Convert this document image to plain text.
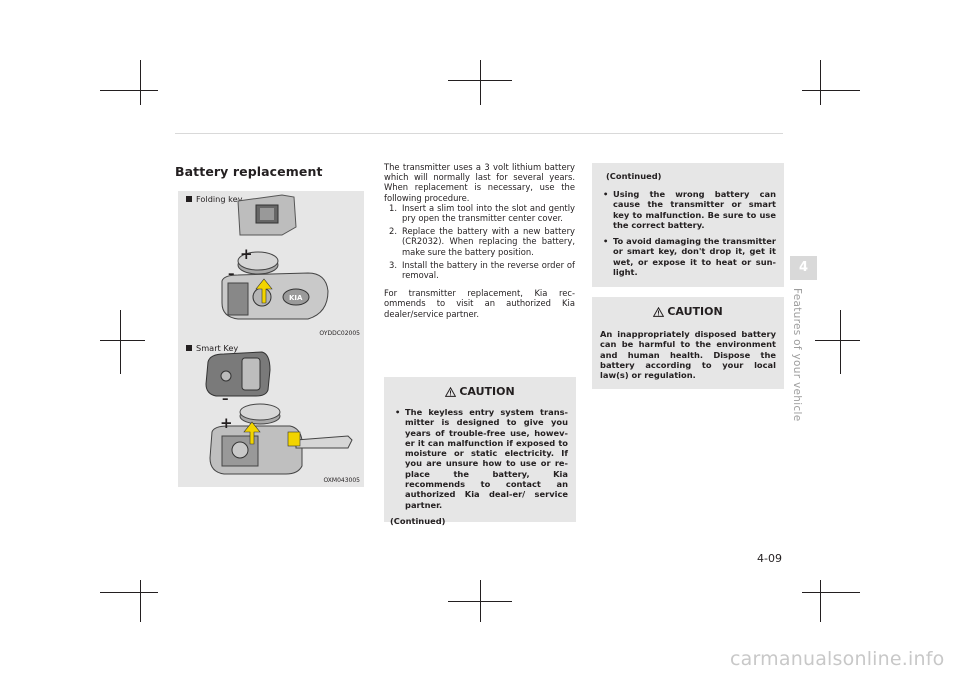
Battery replacement
Folding key
KIA
+
–
OYDDC02005
Smart Key
–
+
OXM043005

The transmitter uses a 3 volt lithium battery which will normally last for several years. When replacement is necessary, use the following procedure.

1. Insert a slim tool into the slot and gently pry open the transmitter center cover.
2. Replace the battery with a new battery (CR2032). When replacing the battery, make sure the battery position.
3. Install the battery in the reverse order of removal.

For transmitter replacement, Kia rec-ommends to visit an authorized Kia dealer/service partner.

CAUTION
• The keyless entry system trans-mitter is designed to give you years of trouble-free use, howev-er it can malfunction if exposed to moisture or static electricity. If you are unsure how to use or re-place the battery, Kia recommends to contact an authorized Kia deal-er/ service partner.
(Continued)
(Continued)
• Using the wrong battery can cause the transmitter or smart key to malfunction. Be sure to use the correct battery.
• To avoid damaging the transmitter or smart key, don't drop it, get it wet, or expose it to heat or sun-light.
CAUTION
An inappropriately disposed battery can be harmful to the environment and human health. Dispose the battery according to your local law(s) or regulation.
4
Features of your vehicle
4-09
carmanualsonline.info
